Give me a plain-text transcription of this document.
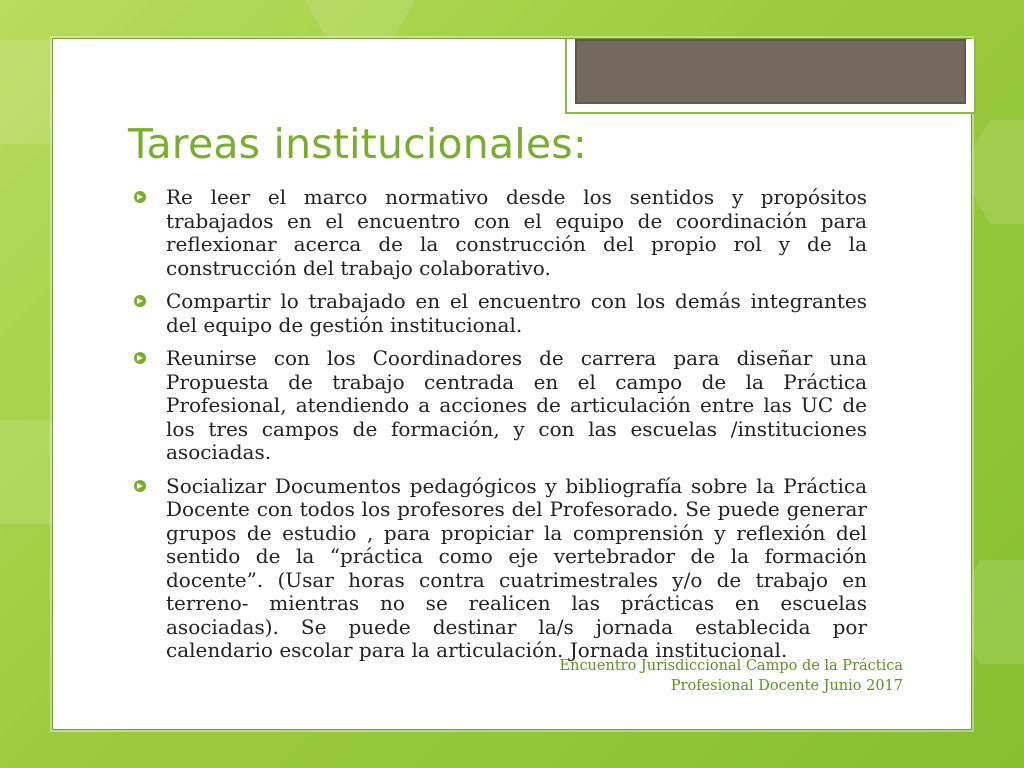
Tareas institucionales:
Re leer el marco normativo desde los sentidos y propósitos trabajados en el encuentro con el equipo de coordinación para reflexionar acerca de la construcción del propio rol y de la construcción del trabajo colaborativo.
Compartir lo trabajado en el encuentro con los demás integrantes del equipo de gestión institucional.
Reunirse con los Coordinadores de carrera para diseñar una Propuesta de trabajo centrada en el campo de la Práctica Profesional, atendiendo a acciones de articulación entre las UC de los tres campos de formación, y con las escuelas /instituciones asociadas.
Socializar Documentos pedagógicos y bibliografía sobre la Práctica Docente con todos los profesores del Profesorado. Se puede generar grupos de estudio , para propiciar la comprensión y reflexión del sentido de la “práctica como eje vertebrador de la formación docente”. (Usar horas contra cuatrimestrales y/o de trabajo en terreno- mientras no se realicen las prácticas en escuelas asociadas). Se puede destinar la/s jornada establecida por calendario escolar para la articulación. Jornada institucional.
Encuentro Jurisdiccional Campo de la Práctica
Profesional Docente Junio 2017
